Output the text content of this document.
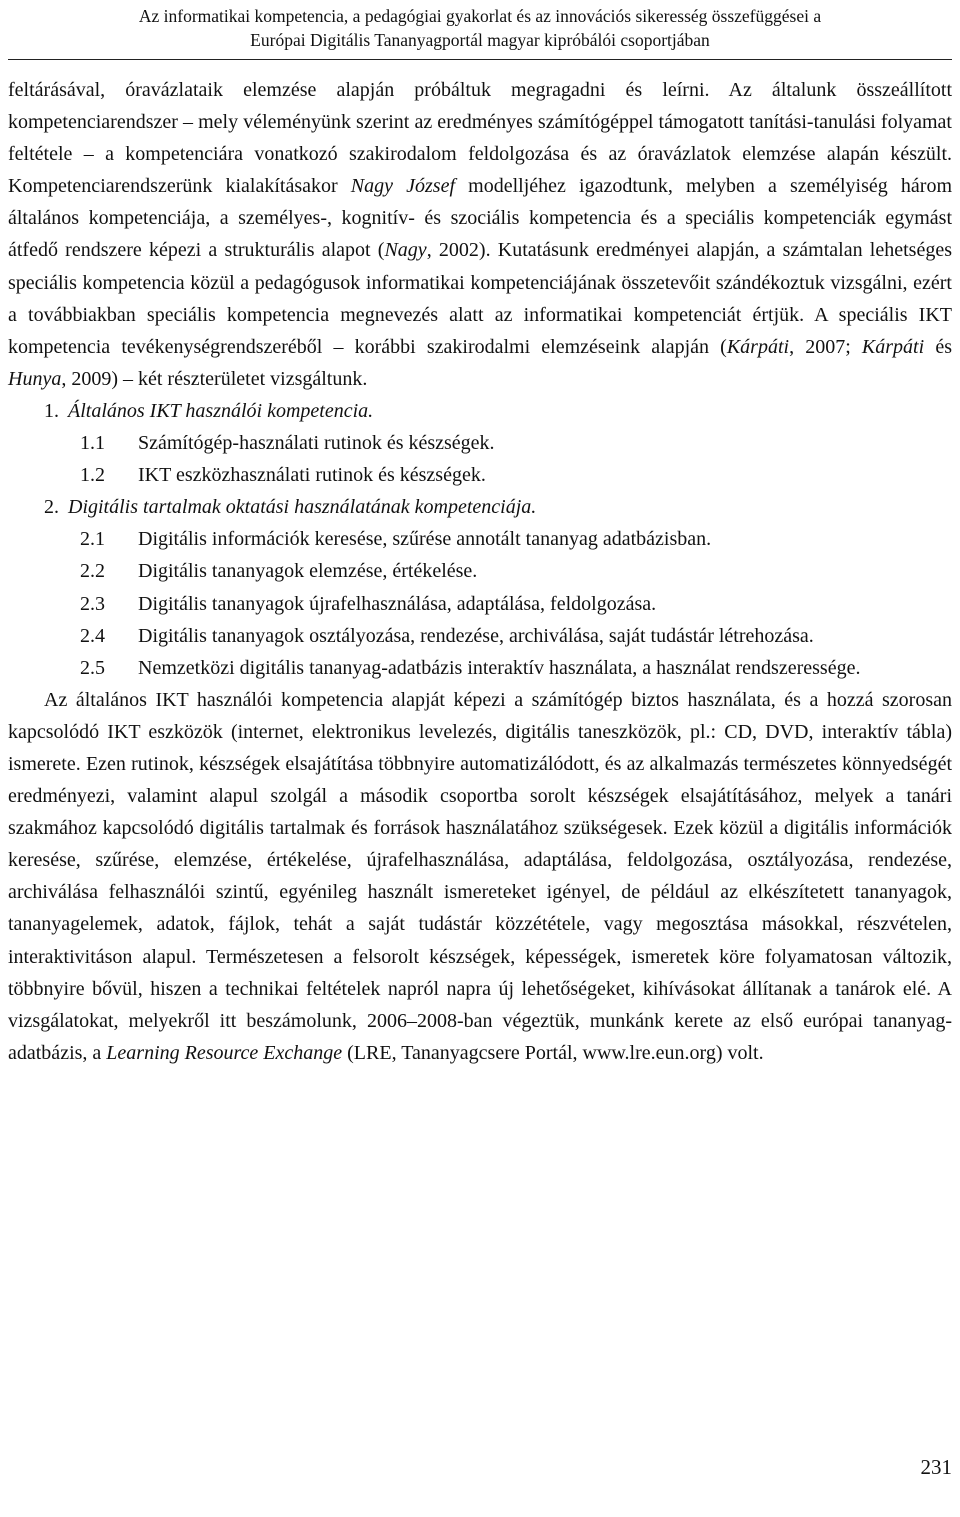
Az informatikai kompetencia, a pedagógiai gyakorlat és az innovációs sikeresség összefüggései a
Európai Digitális Tananyagportál magyar kipróbálói csoportjában

feltárásával, óravázlataik elemzése alapján próbáltuk megragadni és leírni. Az általunk összeállított kompetenciarendszer – mely véleményünk szerint az eredményes számítógéppel támogatott tanítási-tanulási folyamat feltétele – a kompetenciára vonatkozó szakirodalom feldolgozása és az óravázlatok elemzése alapán készült. Kompetenciarendszerünk kialakításakor Nagy József modelljéhez igazodtunk, melyben a személyiség három általános kompetenciája, a személyes-, kognitív- és szociális kompetencia és a speciális kompetenciák egymást átfedő rendszere képezi a strukturális alapot (Nagy, 2002). Kutatásunk eredményei alapján, a számtalan lehetséges speciális kompetencia közül a pedagógusok informatikai kompetenciájának összetevőit szándékoztuk vizsgálni, ezért a továbbiakban speciális kompetencia megnevezés alatt az informatikai kompetenciát értjük. A speciális IKT kompetencia tevékenységrendszeréből – korábbi szakirodalmi elemzéseink alapján (Kárpáti, 2007; Kárpáti és Hunya, 2009) – két részterületet vizsgáltunk.

1. Általános IKT használói kompetencia.
1.1	Számítógép-használati rutinok és készségek.
1.2	IKT eszközhasználati rutinok és készségek.
2. Digitális tartalmak oktatási használatának kompetenciája.
2.1	Digitális információk keresése, szűrése annotált tananyag adatbázisban.
2.2	Digitális tananyagok elemzése, értékelése.
2.3	Digitális tananyagok újrafelhasználása, adaptálása, feldolgozása.
2.4	Digitális tananyagok osztályozása, rendezése, archiválása, saját tudástár létrehozása.
2.5	Nemzetközi digitális tananyag-adatbázis interaktív használata, a használat rendszeressége.

Az általános IKT használói kompetencia alapját képezi a számítógép biztos használata, és a hozzá szorosan kapcsolódó IKT eszközök (internet, elektronikus levelezés, digitális taneszközök, pl.: CD, DVD, interaktív tábla) ismerete. Ezen rutinok, készségek elsajátítása többnyire automatizálódott, és az alkalmazás természetes könnyedségét eredményezi, valamint alapul szolgál a második csoportba sorolt készségek elsajátításához, melyek a tanári szakmához kapcsolódó digitális tartalmak és források használatához szükségesek. Ezek közül a digitális információk keresése, szűrése, elemzése, értékelése, újrafelhasználása, adaptálása, feldolgozása, osztályozása, rendezése, archiválása felhasználói szintű, egyénileg használt ismereteket igényel, de például az elkészítetett tananyagok, tananyagelemek, adatok, fájlok, tehát a saját tudástár közzététele, vagy megosztása másokkal, részvételen, interaktivitáson alapul. Természetesen a felsorolt készségek, képességek, ismeretek köre folyamatosan változik, többnyire bővül, hiszen a technikai feltételek napról napra új lehetőségeket, kihívásokat állítanak a tanárok elé. A vizsgálatokat, melyekről itt beszámolunk, 2006–2008-ban végeztük, munkánk kerete az első európai tananyag-adatbázis, a Learning Resource Exchange (LRE, Tananyagcsere Portál, www.lre.eun.org) volt.

231
